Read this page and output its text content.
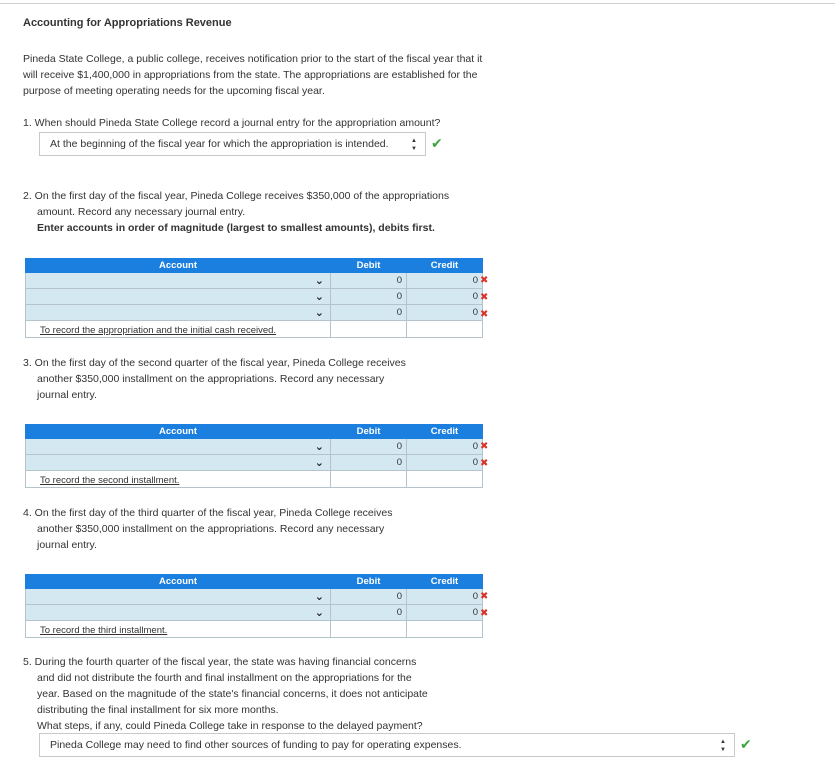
Accounting for Appropriations Revenue
Pineda State College, a public college, receives notification prior to the start of the fiscal year that it will receive $1,400,000 in appropriations from the state. The appropriations are established for the purpose of meeting operating needs for the upcoming fiscal year.
1. When should Pineda State College record a journal entry for the appropriation amount?
At the beginning of the fiscal year for which the appropriation is intended.	▲
▼ ✔
2. On the first day of the fiscal year, Pineda College receives $350,000 of the appropriations
amount. Record any necessary journal entry.
Enter accounts in order of magnitude (largest to smallest amounts), debits first.
Account	Debit	Credit

⌄	0	0

⌄	0	0

⌄	0	0
To record the appropriation and the initial cash received.		
✖
✖
✖
3. On the first day of the second quarter of the fiscal year, Pineda College receives
another $350,000 installment on the appropriations. Record any necessary
journal entry.
Account	Debit	Credit

⌄	0	0

⌄	0	0
To record the second installment.		
✖
✖
4. On the first day of the third quarter of the fiscal year, Pineda College receives
another $350,000 installment on the appropriations. Record any necessary
journal entry.
Account	Debit	Credit

⌄	0	0

⌄	0	0
To record the third installment.		
✖
✖
5. During the fourth quarter of the fiscal year, the state was having financial concerns
and did not distribute the fourth and final installment on the appropriations for the
year. Based on the magnitude of the state's financial concerns, it does not anticipate
distributing the final installment for six more months.
What steps, if any, could Pineda College take in response to the delayed payment?
Pineda College may need to find other sources of funding to pay for operating expenses.	▲
▼ ✔
